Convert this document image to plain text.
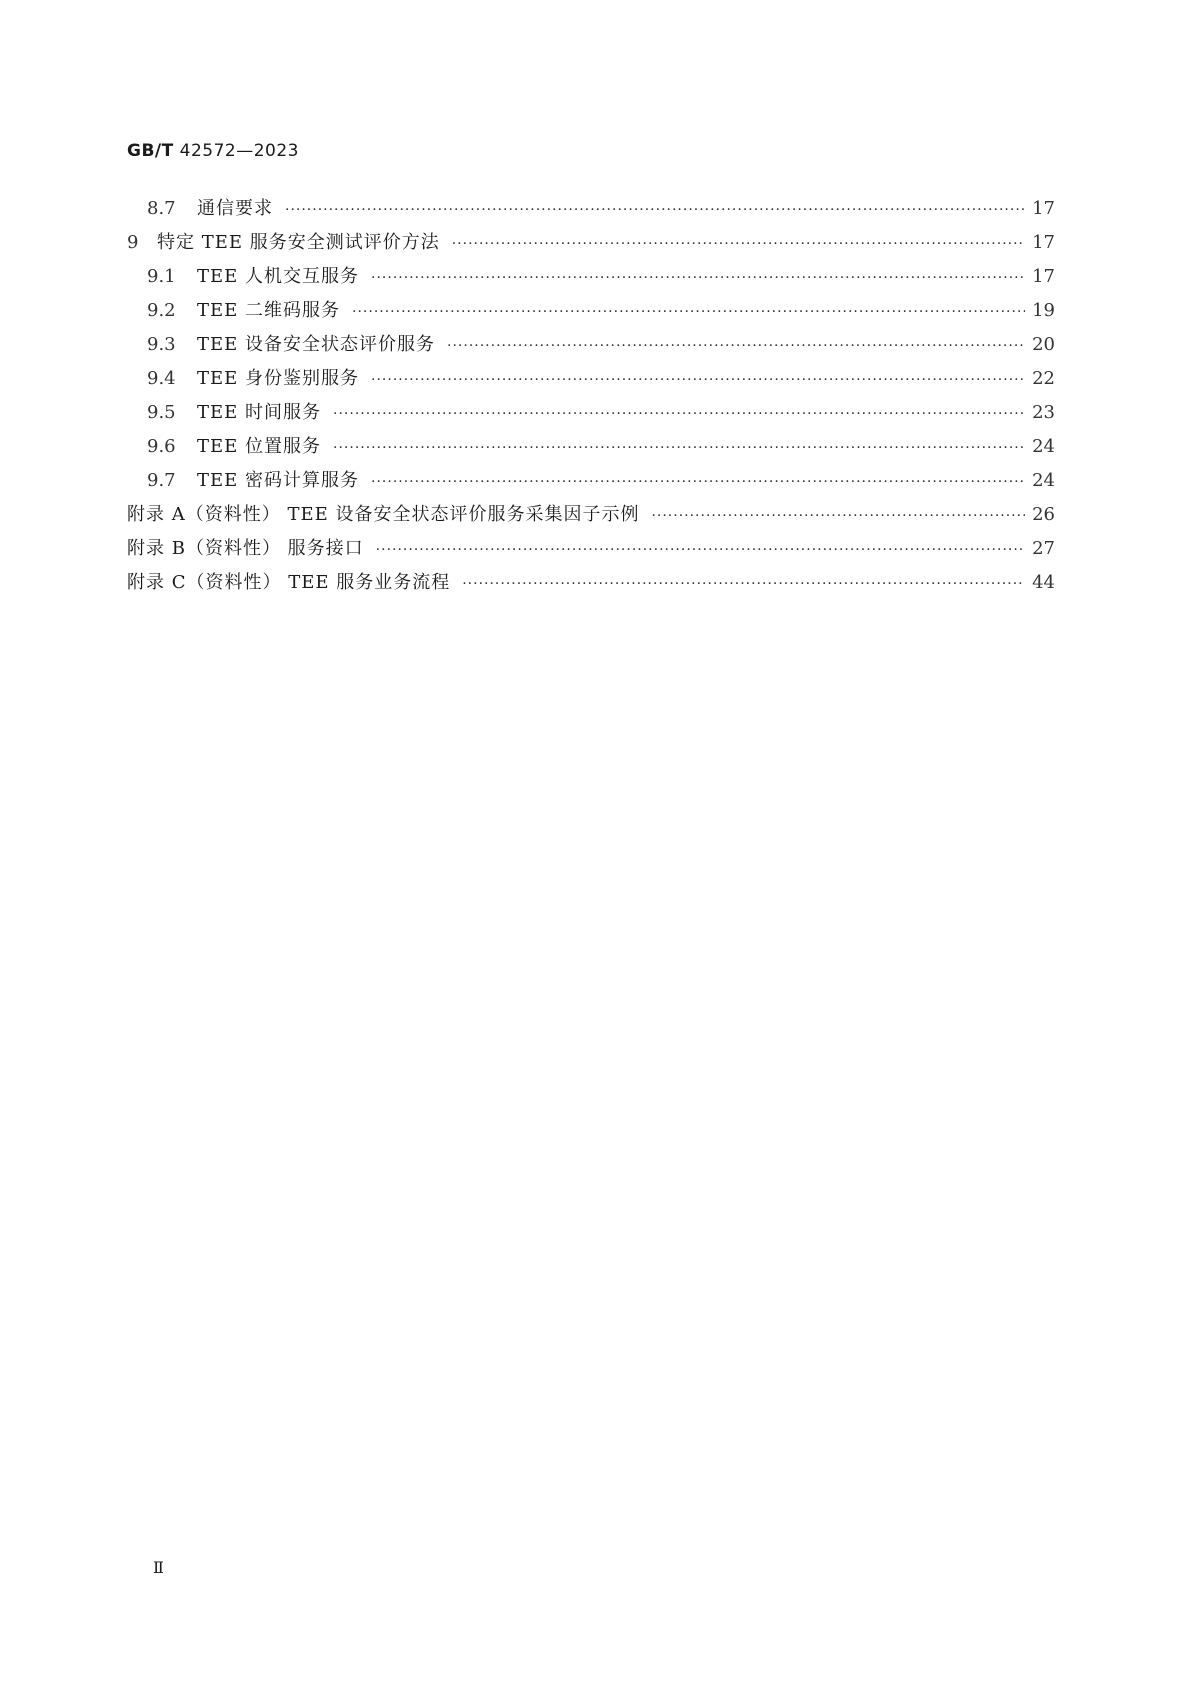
GB/T 42572—2023
8.7	通信要求 ·····	17
9	特定 TEE 服务安全测试评价方法 ·····	17
9.1	TEE 人机交互服务 ·····	17
9.2	TEE 二维码服务 ·····	19
9.3	TEE 设备安全状态评价服务 ·····	20
9.4	TEE 身份鉴别服务 ·····	22
9.5	TEE 时间服务 ·····	23
9.6	TEE 位置服务 ·····	24
9.7	TEE 密码计算服务 ·····	24
附录 A（资料性） TEE 设备安全状态评价服务采集因子示例 ·····	26
附录 B（资料性） 服务接口 ·····	27
附录 C（资料性） TEE 服务业务流程 ·····	44
Ⅱ
